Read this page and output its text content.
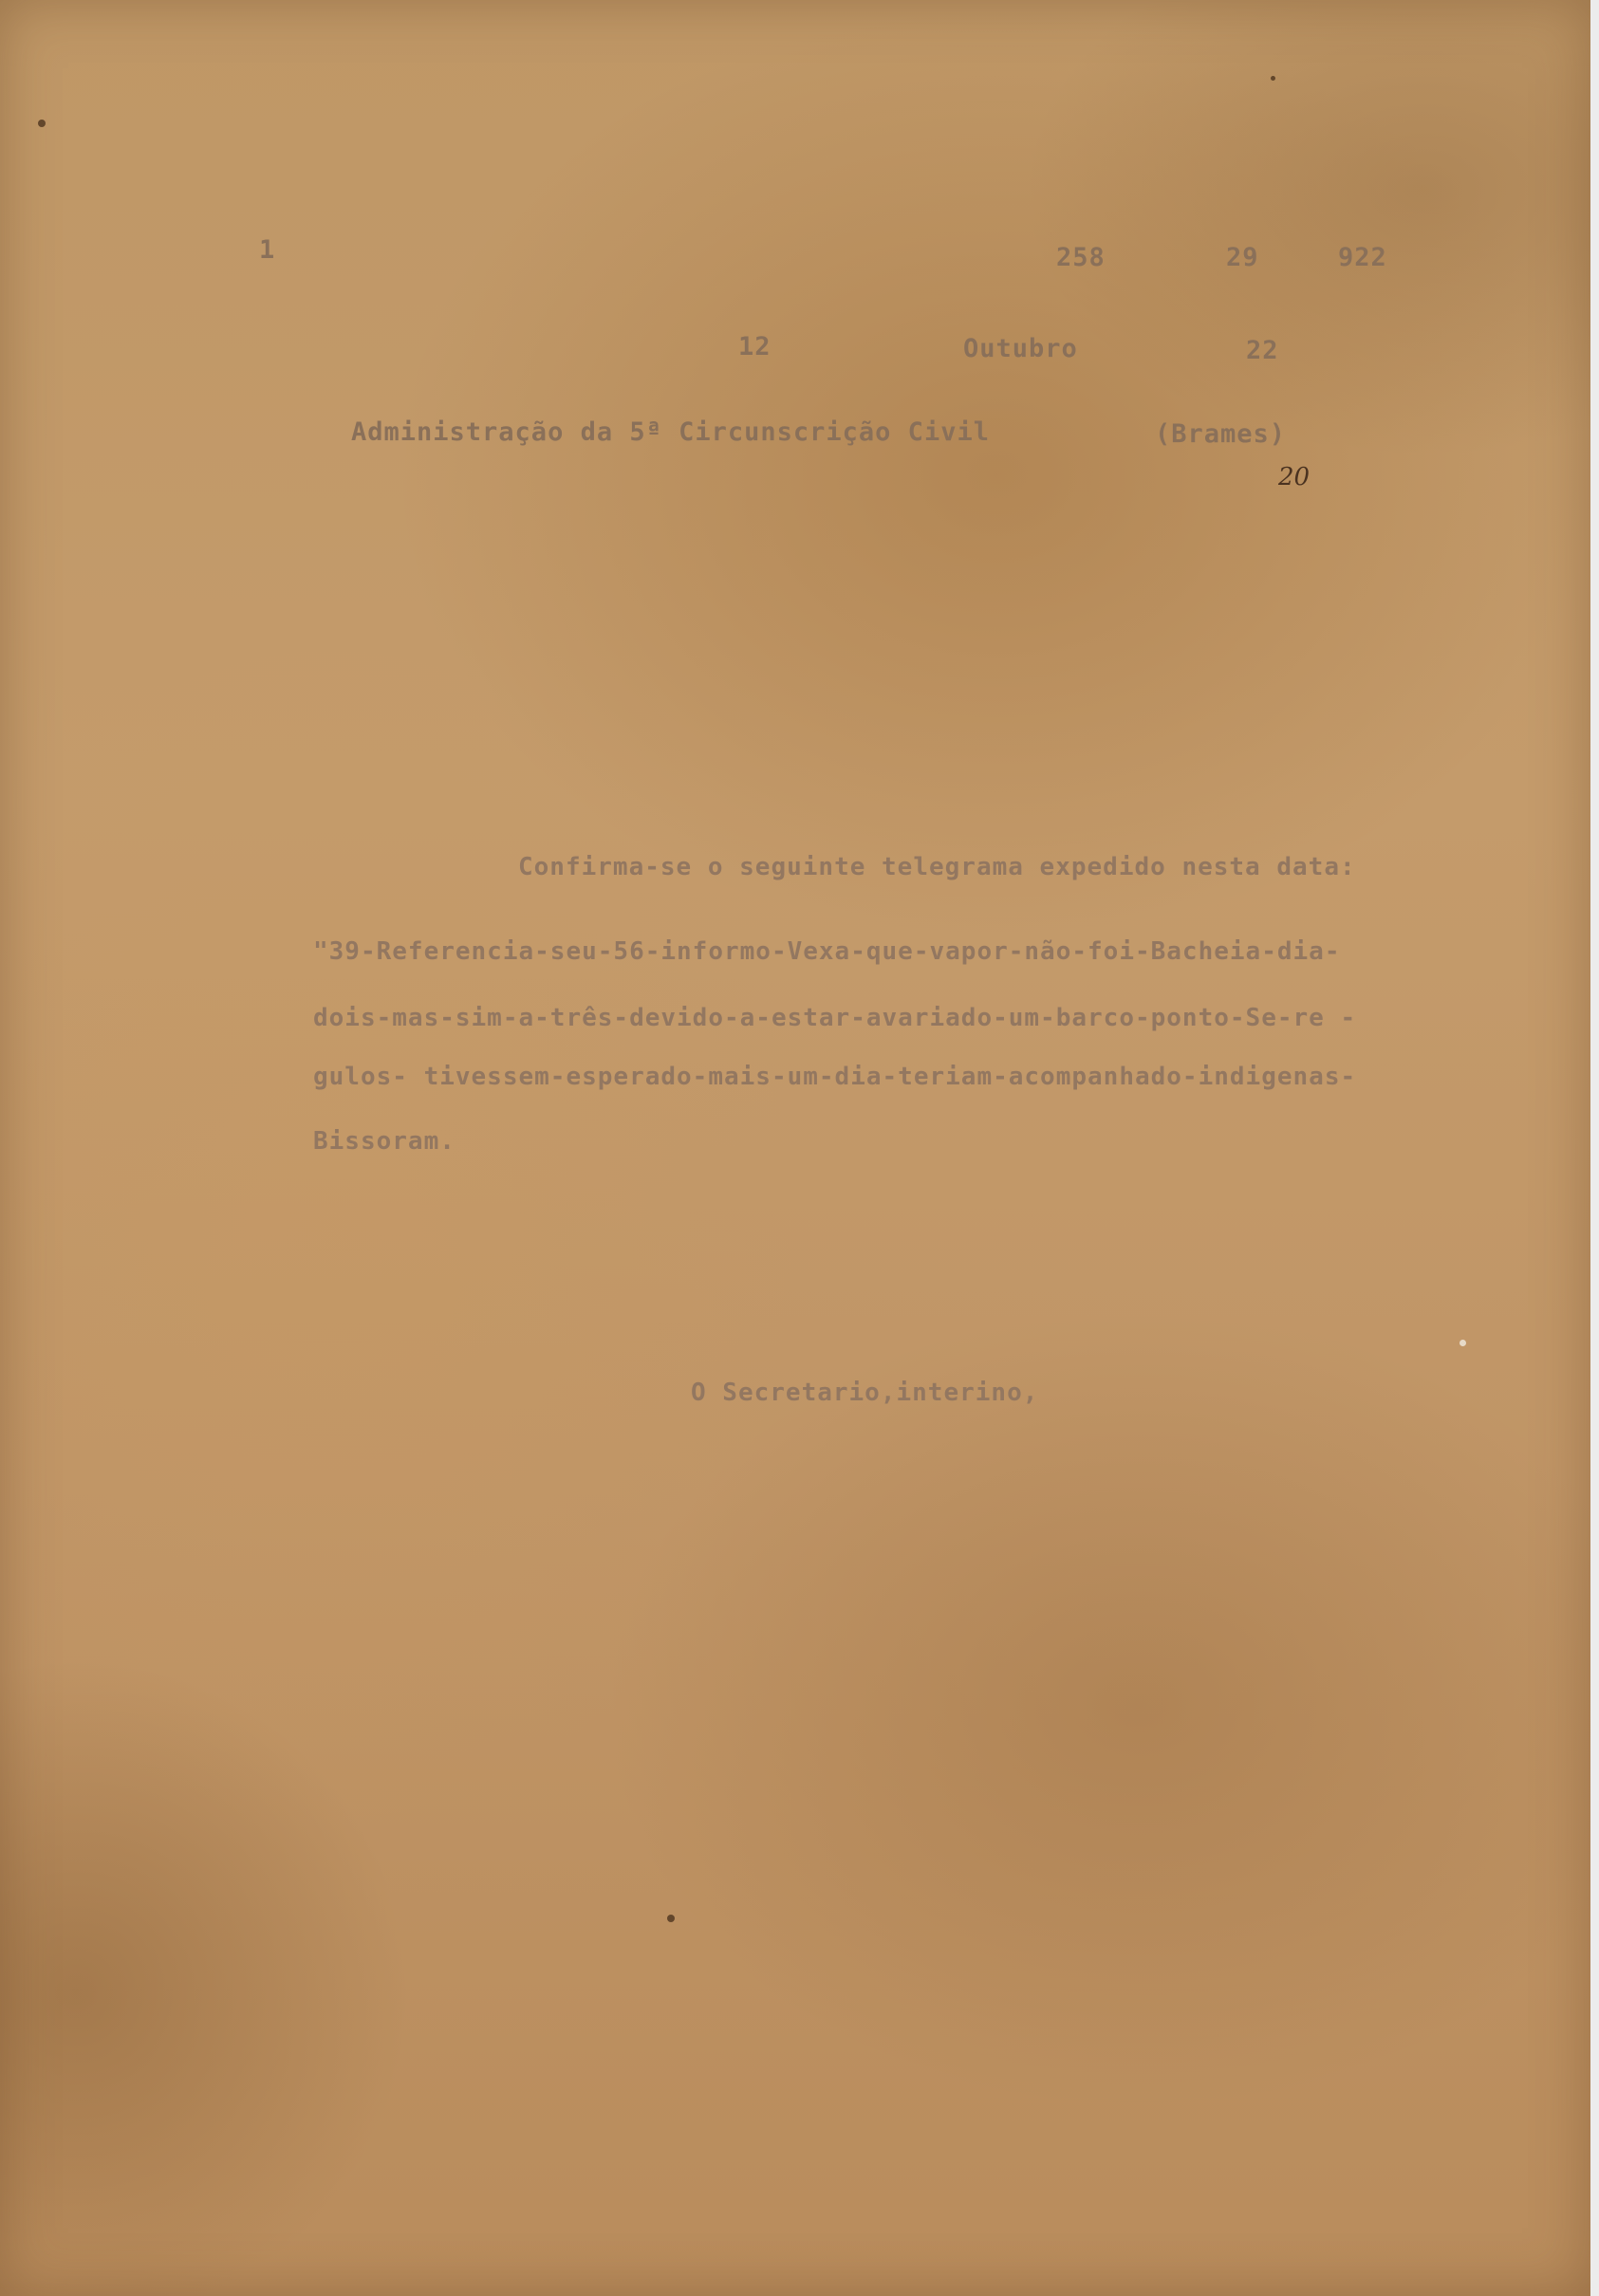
1	258	29	922
12	Outubro	22
Administração da 5ª Circunscrição Civil	(Brames)
20
Confirma-se o seguinte telegrama expedido nesta data:
"39-Referencia-seu-56-informo-Vexa-que-vapor-não-foi-Bacheia-dia-
dois-mas-sim-a-três-devido-a-estar-avariado-um-barco-ponto-Se-re -
gulos- tivessem-esperado-mais-um-dia-teriam-acompanhado-indigenas-
Bissoram.
O Secretario,interino,
